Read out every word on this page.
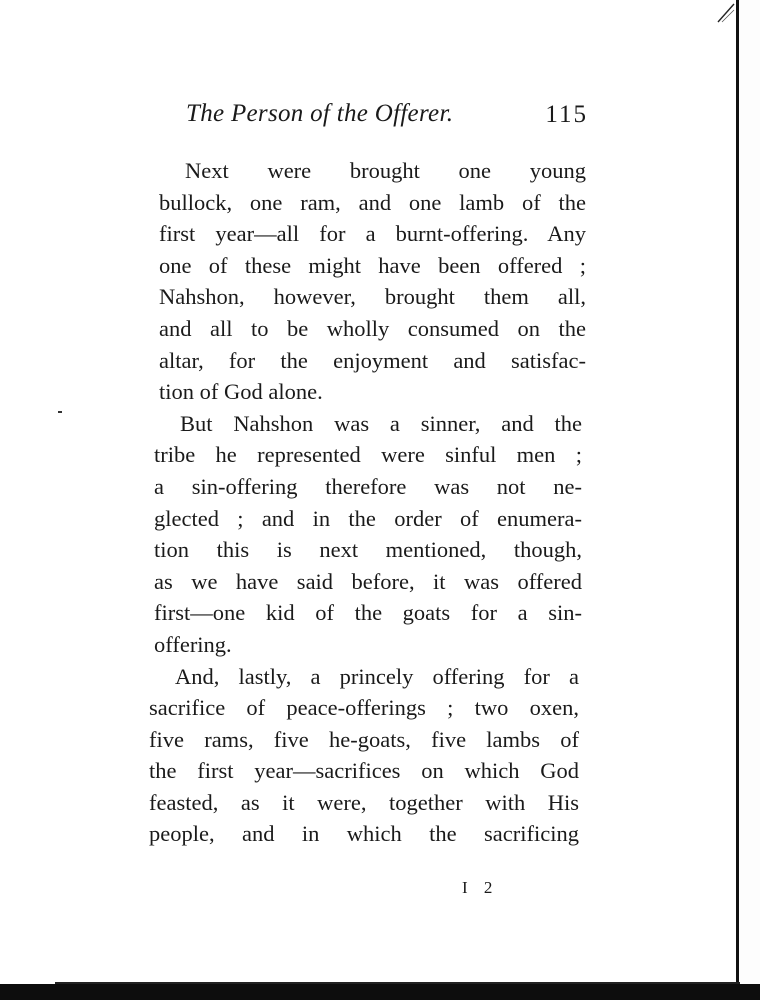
The Person of the Offerer.	115
Next were brought one young
bullock, one ram, and one lamb of the
first year—all for a burnt-offering. Any
one of these might have been offered ;
Nahshon, however, brought them all,
and all to be wholly consumed on the
altar, for the enjoyment and satisfac-
tion of God alone.
But Nahshon was a sinner, and the
tribe he represented were sinful men ;
a sin-offering therefore was not ne-
glected ; and in the order of enumera-
tion this is next mentioned, though,
as we have said before, it was offered
first—one kid of the goats for a sin-
offering.
And, lastly, a princely offering for a
sacrifice of peace-offerings ; two oxen,
five rams, five he-goats, five lambs of
the first year—sacrifices on which God
feasted, as it were, together with His
people, and in which the sacrificing
I 2
